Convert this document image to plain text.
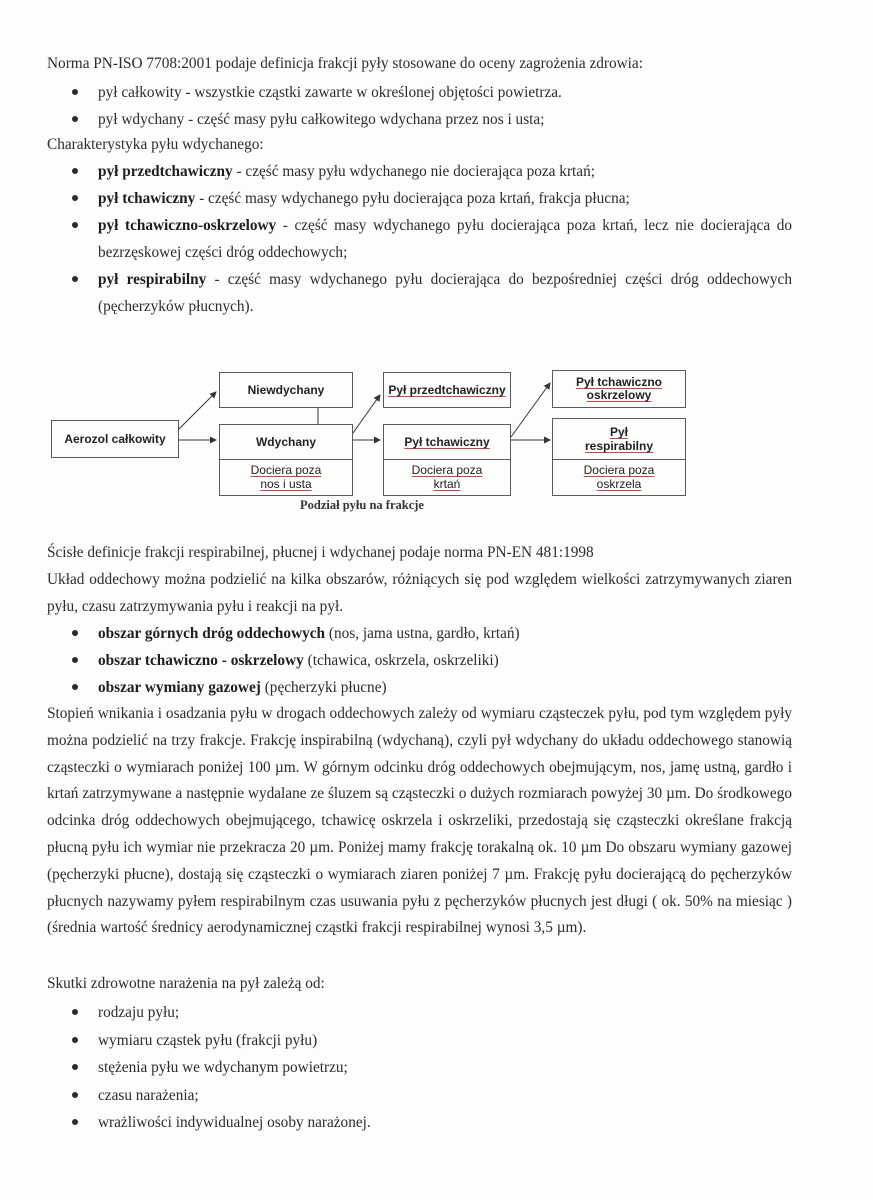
Norma PN-ISO 7708:2001 podaje definicja frakcji pyły stosowane do oceny zagrożenia zdrowia:

pył całkowity - wszystkie cząstki zawarte w określonej objętości powietrza.
pył wdychany - część masy pyłu całkowitego wdychana przez nos i usta;

Charakterystyka pyłu wdychanego:

pył przedtchawiczny - część masy pyłu wdychanego nie docierająca poza krtań;
pył tchawiczny - część masy wdychanego pyłu docierająca poza krtań, frakcja płucna;
pył tchawiczno-oskrzelowy - część masy wdychanego pyłu docierająca poza krtań, lecz nie docierająca do bezrzęskowej części dróg oddechowych;
pył respirabilny - część masy wdychanego pyłu docierająca do bezpośredniej części dróg oddechowych (pęcherzyków płucnych).
Aerozol całkowity
Niewdychany
Wdychany
Dociera poza
nos i usta
Pył przedtchawiczny
Pył tchawiczny
Dociera poza
krtań
Pył tchawiczno
oskrzelowy
Pył
respirabilny
Dociera poza
oskrzela
Podział pyłu na frakcje

Ścisłe definicje frakcji respirabilnej, płucnej i wdychanej podaje norma PN-EN 481:1998

Układ oddechowy można podzielić na kilka obszarów, różniących się pod względem wielkości zatrzymywanych ziaren pyłu, czasu zatrzymywania pyłu i reakcji na pył.

obszar górnych dróg oddechowych (nos, jama ustna, gardło, krtań)
obszar tchawiczno - oskrzelowy (tchawica, oskrzela, oskrzeliki)
obszar wymiany gazowej (pęcherzyki płucne)

Stopień wnikania i osadzania pyłu w drogach oddechowych zależy od wymiaru cząsteczek pyłu, pod tym względem pyły można podzielić na trzy frakcje. Frakcję inspirabilną (wdychaną), czyli pył wdychany do układu oddechowego stanowią cząsteczki o wymiarach poniżej 100 µm. W górnym odcinku dróg oddechowych obejmującym, nos, jamę ustną, gardło i krtań zatrzymywane a następnie wydalane ze śluzem są cząsteczki o dużych rozmiarach powyżej 30 µm. Do środkowego odcinka dróg oddechowych obejmującego, tchawicę oskrzela i oskrzeliki, przedostają się cząsteczki określane frakcją płucną pyłu ich wymiar nie przekracza 20 µm. Poniżej mamy frakcję torakalną ok. 10 µm Do obszaru wymiany gazowej (pęcherzyki płucne), dostają się cząsteczki o wymiarach ziaren poniżej 7 µm. Frakcję pyłu docierającą do pęcherzyków płucnych nazywamy pyłem respirabilnym czas usuwania pyłu z pęcherzyków płucnych jest długi ( ok. 50% na miesiąc ) (średnia wartość średnicy aerodynamicznej cząstki frakcji respirabilnej wynosi 3,5 µm).

Skutki zdrowotne narażenia na pył zależą od:

rodzaju pyłu;
wymiaru cząstek pyłu (frakcji pyłu)
stężenia pyłu we wdychanym powietrzu;
czasu narażenia;
wrażliwości indywidualnej osoby narażonej.
